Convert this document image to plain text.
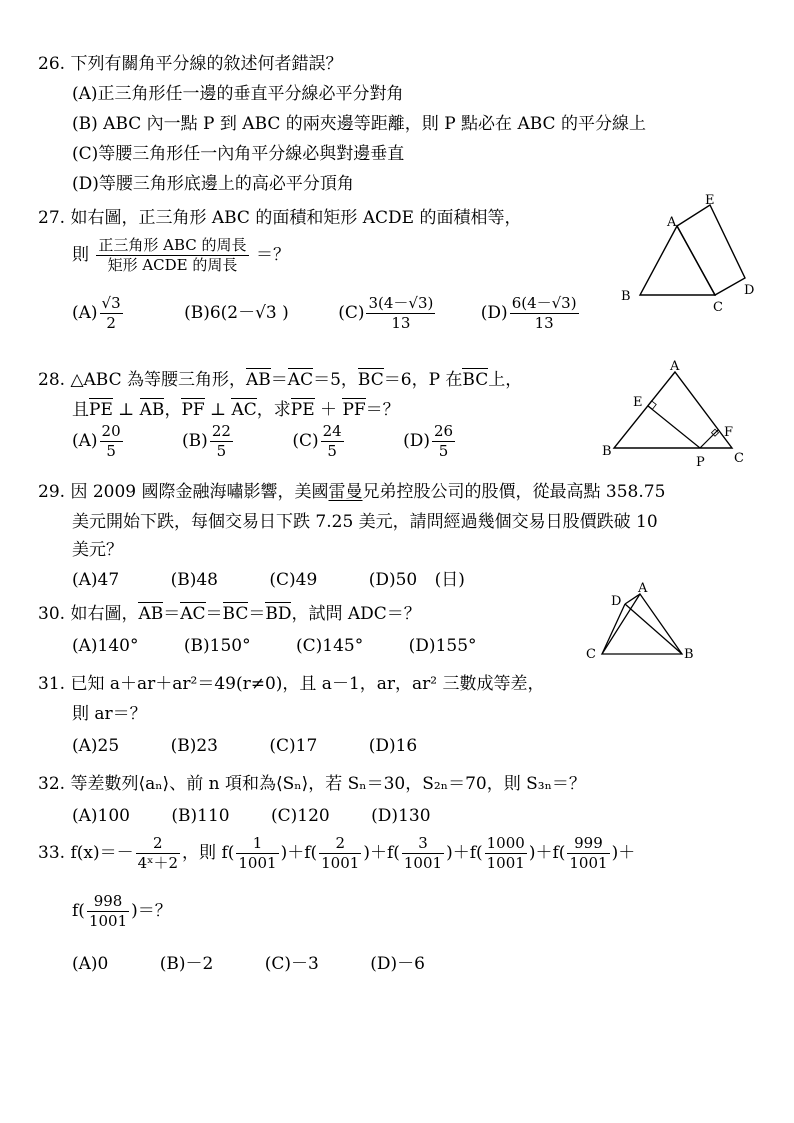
26. 下列有關角平分線的敘述何者錯誤？
(A)正三角形任一邊的垂直平分線必平分對角
(B) ABC 內一點 P 到 ABC 的兩夾邊等距離，則 P 點必在 ABC 的平分線上
(C)等腰三角形任一內角平分線必與對邊垂直
(D)等腰三角形底邊上的高必平分頂角
27. 如右圖，正三角形 ABC 的面積和矩形 ACDE 的面積相等，
則 $\frac{\text{正三角形 ABC 的周長}}{\text{矩形 ACDE 的周長}}$ ＝？
$(A) \frac{√3}{2}$	(B)6(2－√3 )	$(C) \frac{3(4-√3)}{13}$	$(D) \frac{6(4-√3)}{13}$
A
E
B
C
D
28. △ABC 為等腰三角形，AB＝AC＝5，BC＝6，P 在BC上，
且PE ⊥ AB，PF ⊥ AC，求PE ＋ PF＝？
$(A) \frac{20}{5}$	$(B) \frac{22}{5}$	$(C) \frac{24}{5}$	$(D) \frac{26}{5}$
A
E
F
B
P C
29. 因 2009 國際金融海嘯影響，美國雷曼兄弟控股公司的股價，從最高點 358.75
美元開始下跌，每個交易日下跌 7.25 美元，請問經過幾個交易日股價跌破 10
美元？
(A)47	(B)48	(C)49	(D)50 (日)
30. 如右圖，AB＝AC＝BC＝BD，試問 ADC＝？
(A)140°	(B)150°	(C)145°	(D)155°
A
D
C	B
31. 已知 a＋ar＋ar²＝49(r≠0)，且 a－1，ar，ar² 三數成等差，
則 ar＝？
(A)25	(B)23	(C)17	(D)16
32. 等差數列⟨aₙ⟩、前 n 項和為⟨Sₙ⟩，若 Sₙ＝30，S₂ₙ＝70，則 S₃ₙ＝？
(A)100 (B)110 (C)120 (D)130
33. $f(x)=- \frac{2}{\text{4ˣ＋2}}$ ，則 $f( \frac{1}{1001} )+f( \frac{2}{1001} )+f( \frac{3}{1001} )+f( \frac{1000}{1001} )+f( \frac{999}{1001}$ )＋
$f( \frac{998}{1001}$ )＝？
(A)0	(B)－2	(C)－3	(D)－6
